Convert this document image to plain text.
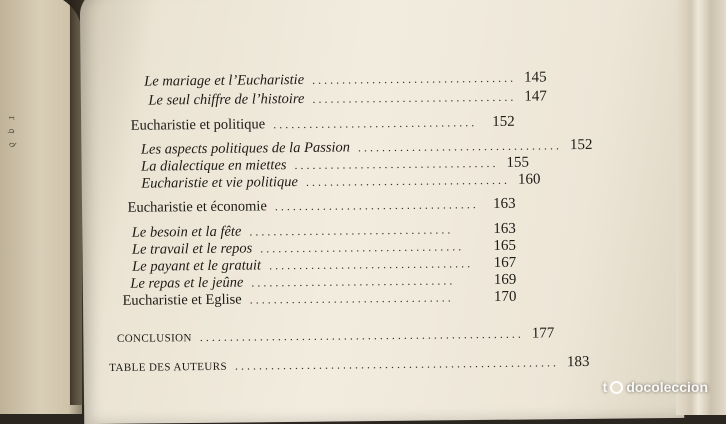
𝔯 𝔮 𝔡
Le mariage et l’Eucharistie .................................. 145
Le seul chiffre de l’histoire .................................. 147
Eucharistie et politique .................................. 152
Les aspects politiques de la Passion .................................. 152
La dialectique en miettes .................................. 155
Eucharistie et vie politique .................................. 160
Eucharistie et économie .................................. 163
Le besoin et la fête ..................................	163
Le travail et le repos ..................................	165
Le payant et le gratuit ..................................	167
Le repas et le jeûne ..................................	169
Eucharistie et Eglise ..................................	170
CONCLUSION ...................................................... 177
TABLE DES AUTEURS ...................................................... 183
t docoleccion
